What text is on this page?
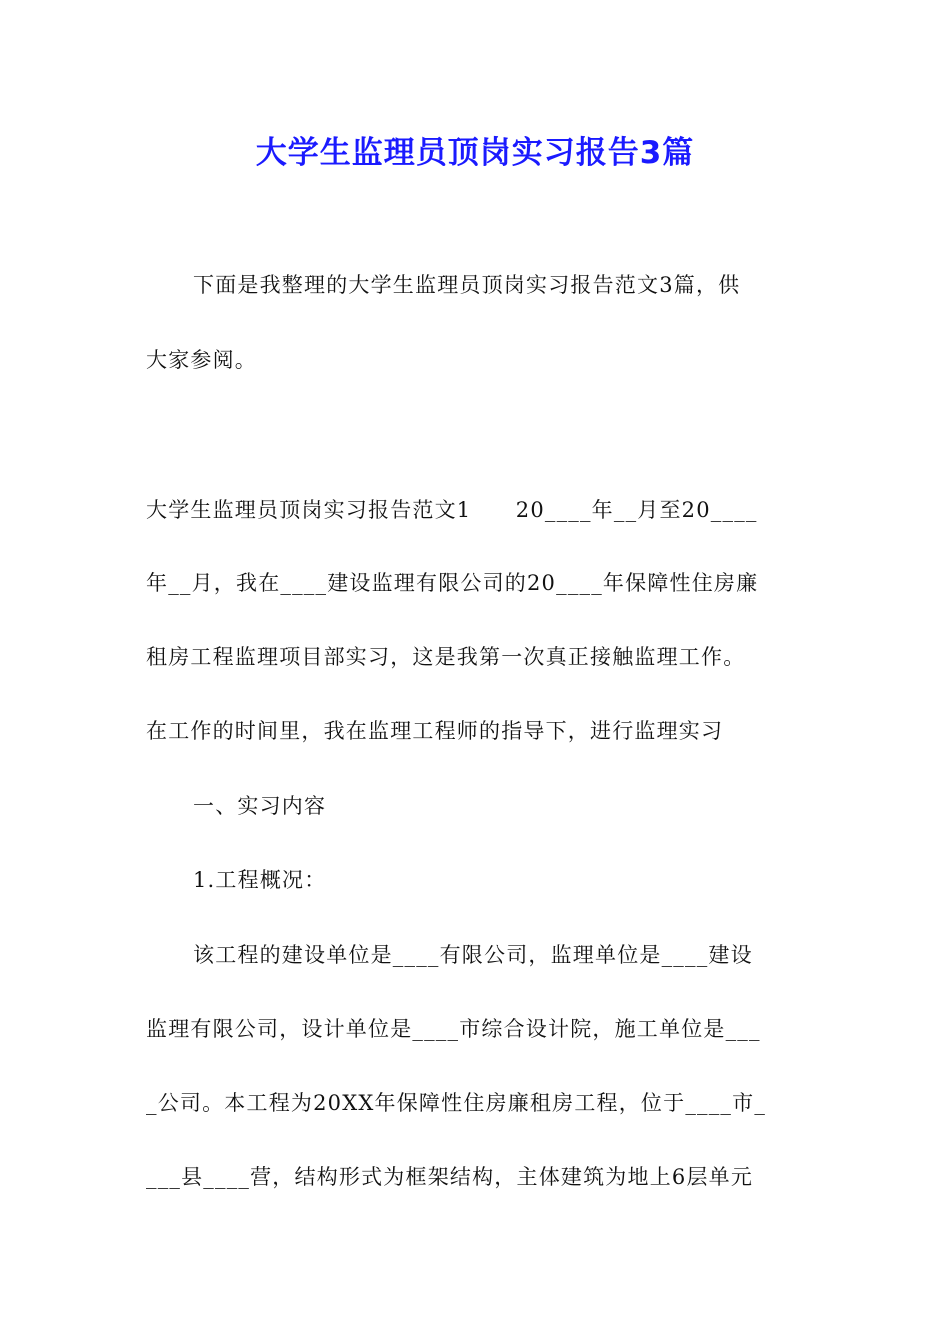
大学生监理员顶岗实习报告3篇

下面是我整理的大学生监理员顶岗实习报告范文3篇，供

大家参阅。

大学生监理员顶岗实习报告范文1　　20____年__月至20____

年__月，我在____建设监理有限公司的20____年保障性住房廉

租房工程监理项目部实习，这是我第一次真正接触监理工作。

在工作的时间里，我在监理工程师的指导下，进行监理实习

一、实习内容

1.工程概况：

该工程的建设单位是____有限公司，监理单位是____建设

监理有限公司，设计单位是____市综合设计院，施工单位是___

_公司。本工程为20XX年保障性住房廉租房工程，位于____市_

___县____营，结构形式为框架结构，主体建筑为地上6层单元
